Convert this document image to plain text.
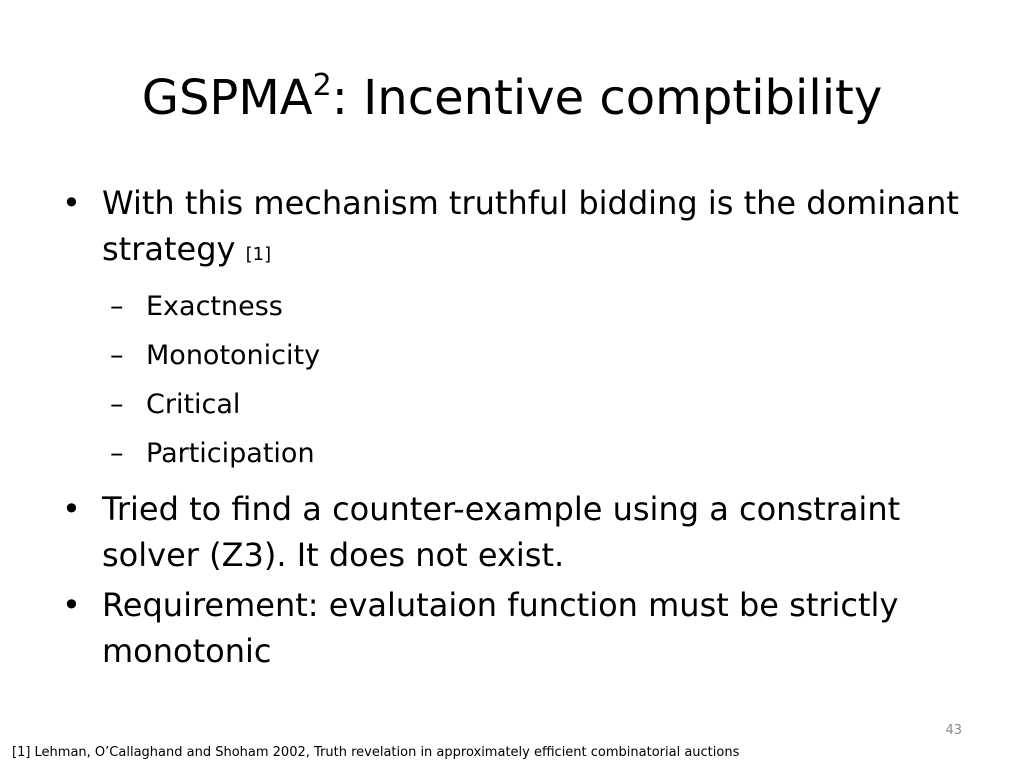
GSPMA$^2$: Incentive comptibility
• With this mechanism truthful bidding is the dominant strategy [1]
– Exactness
– Monotonicity
– Critical
– Participation
• Tried to find a counter-example using a constraint solver (Z3). It does not exist.
• Requirement: evalutaion function must be strictly monotonic
43
[1] Lehman, O’Callaghand and Shoham 2002, Truth revelation in approximately efficient combinatorial auctions
